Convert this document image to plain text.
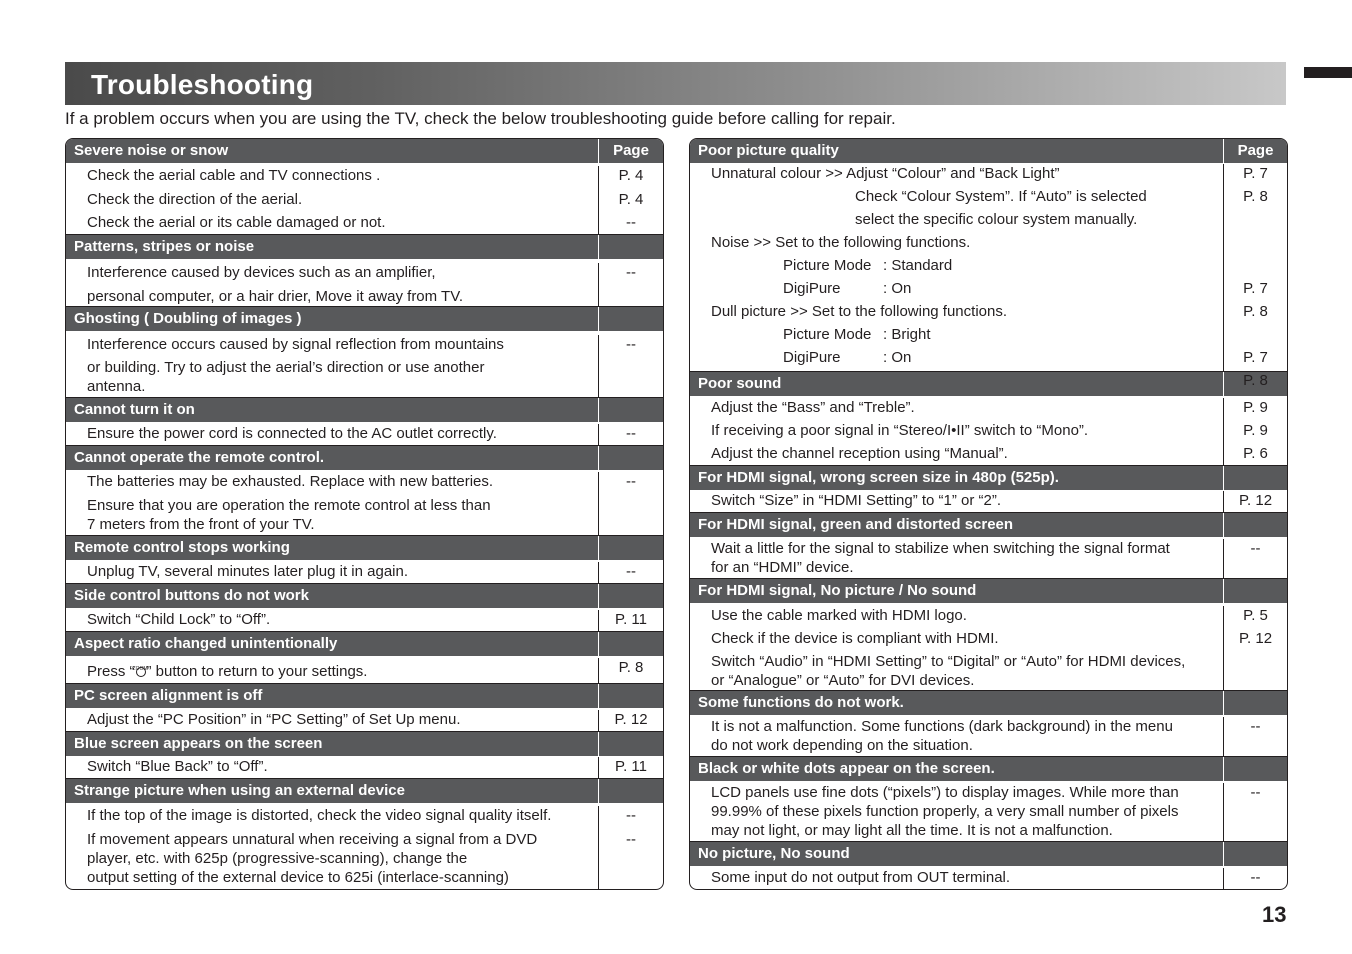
Troubleshooting
If a problem occurs when you are using the TV, check the below troubleshooting guide before calling for repair.
Severe noise or snow	Page
Check the aerial cable and TV connections .
Check the direction of the aerial.
Check the aerial or its cable damaged or not.
P. 4
P. 4
--
Patterns, stripes or noise
Interference caused by devices such as an amplifier,
personal computer, or a hair drier, Move it away from TV.
--
Ghosting ( Doubling of images )
Interference occurs caused by signal reflection from mountains
or building. Try to adjust the aerial’s direction or use another
antenna.
--
Cannot turn it on
Ensure the power cord is connected to the AC outlet correctly.	--
Cannot operate the remote control.
The batteries may be exhausted. Replace with new batteries.
Ensure that you are operation the remote control at less than
7 meters from the front of your TV.
--
Remote control stops working
Unplug TV, several minutes later plug it in again.	--
Side control buttons do not work
Switch “Child Lock” to “Off”.	P. 11
Aspect ratio changed unintentionally
Press “ZOOM ” button to return to your settings.	P. 8
PC screen alignment is off
Adjust the “PC Position” in “PC Setting” of Set Up menu.	P. 12
Blue screen appears on the screen
Switch “Blue Back” to “Off”.	P. 11
Strange picture when using an external device
If the top of the image is distorted, check the video signal quality itself.
If movement appears unnatural when receiving a signal from a DVD
player, etc. with 625p (progressive-scanning), change the
output setting of the external device to 625i (interlace-scanning)
--
--
Poor picture quality	Page
Unnatural colour >> Adjust “Colour” and “Back Light”
Check “Colour System”. If “Auto” is selected
select the specific colour system manually.
Noise >> Set to the following functions.
Picture Mode : Standard
DigiPure	: On
Dull picture >> Set to the following functions.
Picture Mode : Bright
DigiPure	: On
P. 7
P. 8
P. 7
P. 8
P. 7
P. 8
Poor sound
Adjust the “Bass” and “Treble”.
If receiving a poor signal in “Stereo/I•II” switch to “Mono”.
Adjust the channel reception using “Manual”.
P. 9
P. 9
P. 6
For HDMI signal, wrong screen size in 480p (525p).
Switch “Size” in “HDMI Setting” to “1” or “2”.	P. 12
For HDMI signal, green and distorted screen
Wait a little for the signal to stabilize when switching the signal format
for an “HDMI” device.
--
For HDMI signal, No picture / No sound
Use the cable marked with HDMI logo.
Check if the device is compliant with HDMI.
Switch “Audio” in “HDMI Setting” to “Digital” or “Auto” for HDMI devices,
or “Analogue” or “Auto” for DVI devices.
P. 5
P. 12
Some functions do not work.
It is not a malfunction. Some functions (dark background) in the menu
do not work depending on the situation.
--
Black or white dots appear on the screen.
LCD panels use fine dots (“pixels”) to display images. While more than
99.99% of these pixels function properly, a very small number of pixels
may not light, or may light all the time. It is not a malfunction.
--
No picture, No sound
Some input do not output from OUT terminal.	--
13
